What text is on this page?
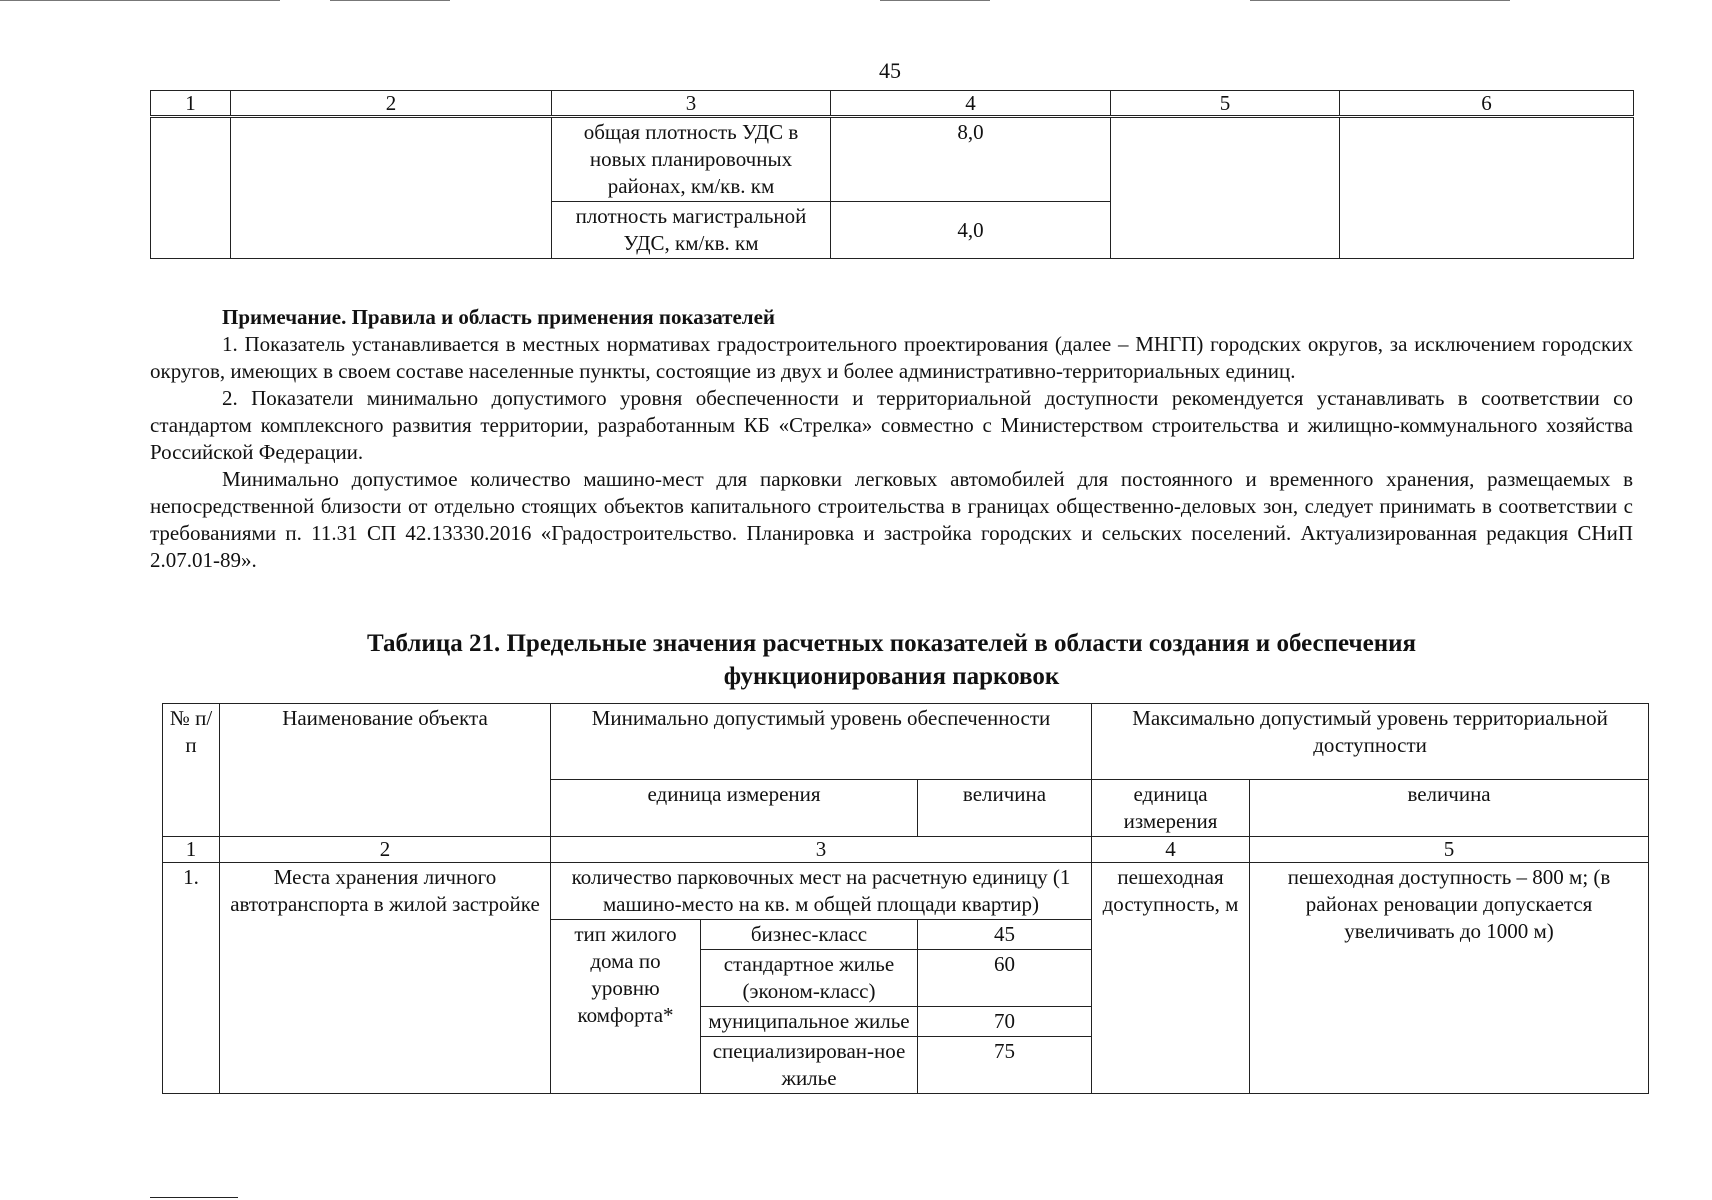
45
1	2	3	4	5	6
		общая плотность УДС в новых планировочных районах, км/кв. км	8,0		
		плотность магистральной УДС, км/кв. км	4,0		

Примечание. Правила и область применения показателей

1. Показатель устанавливается в местных нормативах градостроительного проектирования (далее – МНГП) городских округов, за исключением городских округов, имеющих в своем составе населенные пункты, состоящие из двух и более административно-территориальных единиц.

2. Показатели минимально допустимого уровня обеспеченности и территориальной доступности рекомендуется устанавливать в соответствии со стандартом комплексного развития территории, разработанным КБ «Стрелка» совместно с Министерством строительства и жилищно-коммунального хозяйства Российской Федерации.

Минимально допустимое количество машино-мест для парковки легковых автомобилей для постоянного и временного хранения, размещаемых в непосредственной близости от отдельно стоящих объектов капитального строительства в границах общественно-деловых зон, следует принимать в соответствии с требованиями п. 11.31 СП 42.13330.2016 «Градостроительство. Планировка и застройка городских и сельских поселений. Актуализированная редакция СНиП 2.07.01-89».

Таблица 21. Предельные значения расчетных показателей в области создания и обеспечения
функционирования парковок
№ п/п	Наименование объекта	Минимально допустимый уровень обеспеченности			Максимально допустимый уровень территориальной доступности	
		единица измерения		величина	единица измерения	величина
1	2	3			4	5
1.	Места хранения личного автотранспорта в жилой застройке	количество парковочных мест на расчетную единицу (1 машино-место на кв. м общей площади квартир)			пешеходная доступность, м	пешеходная доступность – 800 м; (в районах реновации допускается увеличивать до 1000 м)
		тип жилого дома по уровню комфорта*	бизнес-класс	45		
			стандартное жилье (эконом-класс)	60		
			муниципальное жилье	70		
			специализирован-ное жилье	75		
